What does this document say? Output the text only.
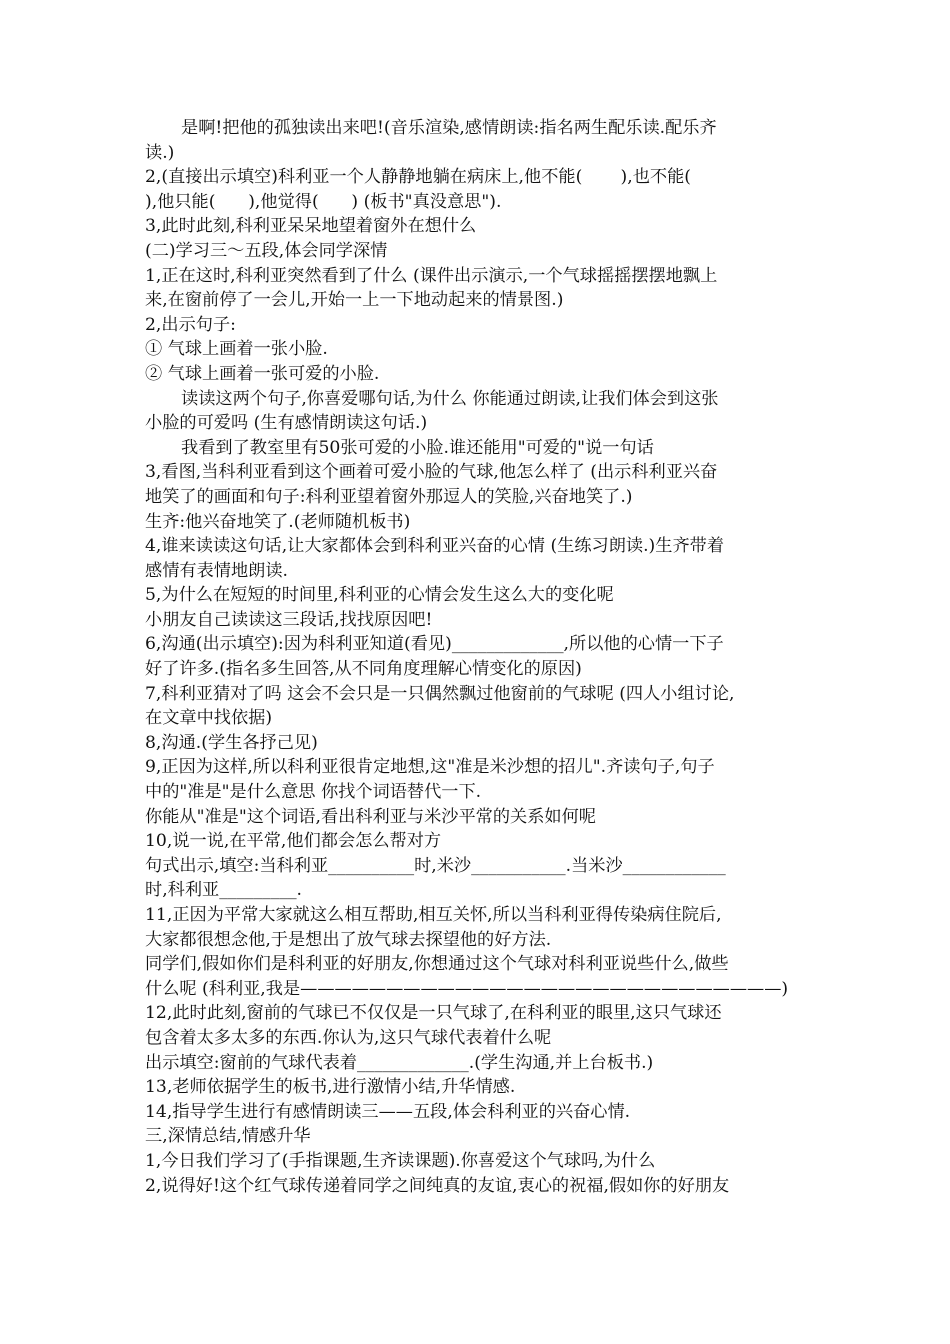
是啊!把他的孤独读出来吧!(音乐渲染,感情朗读:指名两生配乐读.配乐齐
读.)
2,(直接出示填空)科利亚一个人静静地躺在病床上,他不能(       ),也不能(
),他只能(      ),他觉得(      ) (板书"真没意思").
3,此时此刻,科利亚呆呆地望着窗外在想什么
(二)学习三～五段,体会同学深情
1,正在这时,科利亚突然看到了什么 (课件出示演示,一个气球摇摇摆摆地飘上
来,在窗前停了一会儿,开始一上一下地动起来的情景图.)
2,出示句子:
① 气球上画着一张小脸.
② 气球上画着一张可爱的小脸.
读读这两个句子,你喜爱哪句话,为什么 你能通过朗读,让我们体会到这张
小脸的可爱吗 (生有感情朗读这句话.)
我看到了教室里有50张可爱的小脸.谁还能用"可爱的"说一句话
3,看图,当科利亚看到这个画着可爱小脸的气球,他怎么样了 (出示科利亚兴奋
地笑了的画面和句子:科利亚望着窗外那逗人的笑脸,兴奋地笑了.)
生齐:他兴奋地笑了.(老师随机板书)
4,谁来读读这句话,让大家都体会到科利亚兴奋的心情 (生练习朗读.)生齐带着
感情有表情地朗读.
5,为什么在短短的时间里,科利亚的心情会发生这么大的变化呢
小朋友自己读读这三段话,找找原因吧!
6,沟通(出示填空):因为科利亚知道(看见)_____________,所以他的心情一下子
好了许多.(指名多生回答,从不同角度理解心情变化的原因)
7,科利亚猜对了吗 这会不会只是一只偶然飘过他窗前的气球呢 (四人小组讨论,
在文章中找依据)
8,沟通.(学生各抒己见)
9,正因为这样,所以科利亚很肯定地想,这"准是米沙想的招儿".齐读句子,句子
中的"准是"是什么意思 你找个词语替代一下.
你能从"准是"这个词语,看出科利亚与米沙平常的关系如何呢
10,说一说,在平常,他们都会怎么帮对方
句式出示,填空:当科利亚__________时,米沙___________.当米沙____________
时,科利亚_________.
11,正因为平常大家就这么相互帮助,相互关怀,所以当科利亚得传染病住院后,
大家都很想念他,于是想出了放气球去探望他的好方法.
同学们,假如你们是科利亚的好朋友,你想通过这个气球对科利亚说些什么,做些
什么呢 (科利亚,我是————————————————————————————)
12,此时此刻,窗前的气球已不仅仅是一只气球了,在科利亚的眼里,这只气球还
包含着太多太多的东西.你认为,这只气球代表着什么呢
出示填空:窗前的气球代表着_____________.(学生沟通,并上台板书.)
13,老师依据学生的板书,进行激情小结,升华情感.
14,指导学生进行有感情朗读三——五段,体会科利亚的兴奋心情.
三,深情总结,情感升华
1,今日我们学习了(手指课题,生齐读课题).你喜爱这个气球吗,为什么
2,说得好!这个红气球传递着同学之间纯真的友谊,衷心的祝福,假如你的好朋友
